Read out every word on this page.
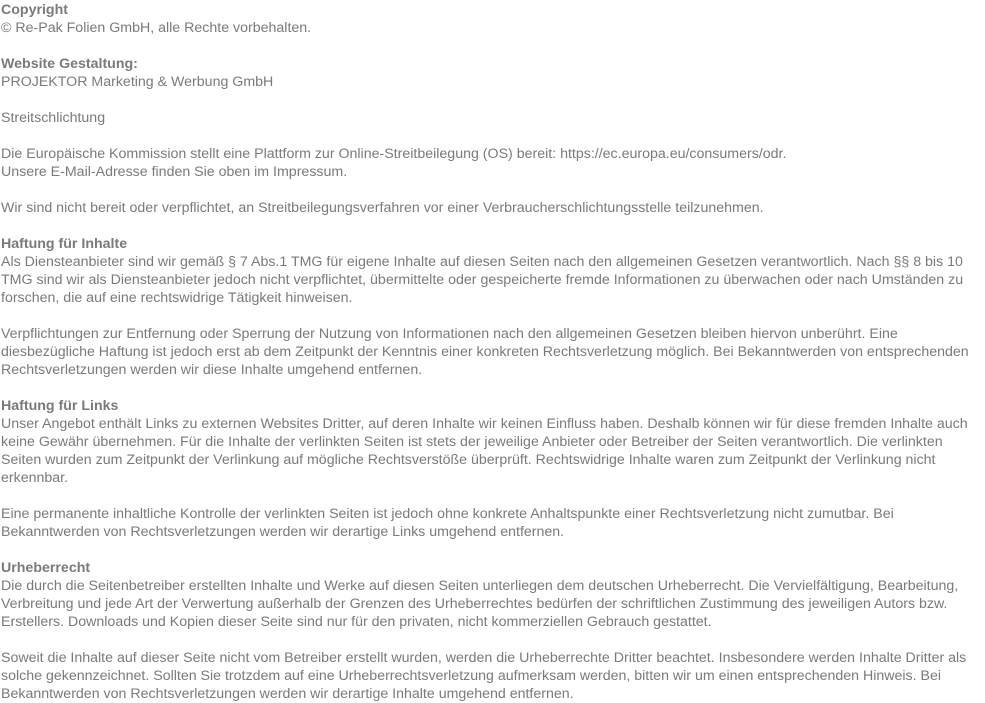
Copyright
© Re-Pak Folien GmbH, alle Rechte vorbehalten.

Website Gestaltung:
PROJEKTOR Marketing & Werbung GmbH

Streitschlichtung

Die Europäische Kommission stellt eine Plattform zur Online-Streitbeilegung (OS) bereit: https://ec.europa.eu/consumers/odr.
Unsere E-Mail-Adresse finden Sie oben im Impressum.

Wir sind nicht bereit oder verpflichtet, an Streitbeilegungsverfahren vor einer Verbraucherschlichtungsstelle teilzunehmen.

Haftung für Inhalte
Als Diensteanbieter sind wir gemäß § 7 Abs.1 TMG für eigene Inhalte auf diesen Seiten nach den allgemeinen Gesetzen verantwortlich. Nach §§ 8 bis 10 TMG sind wir als Diensteanbieter jedoch nicht verpflichtet, übermittelte oder gespeicherte fremde Informationen zu überwachen oder nach Umständen zu forschen, die auf eine rechtswidrige Tätigkeit hinweisen.

Verpflichtungen zur Entfernung oder Sperrung der Nutzung von Informationen nach den allgemeinen Gesetzen bleiben hiervon unberührt. Eine diesbezügliche Haftung ist jedoch erst ab dem Zeitpunkt der Kenntnis einer konkreten Rechtsverletzung möglich. Bei Bekanntwerden von entsprechenden Rechtsverletzungen werden wir diese Inhalte umgehend entfernen.

Haftung für Links
Unser Angebot enthält Links zu externen Websites Dritter, auf deren Inhalte wir keinen Einfluss haben. Deshalb können wir für diese fremden Inhalte auch keine Gewähr übernehmen. Für die Inhalte der verlinkten Seiten ist stets der jeweilige Anbieter oder Betreiber der Seiten verantwortlich. Die verlinkten Seiten wurden zum Zeitpunkt der Verlinkung auf mögliche Rechtsverstöße überprüft. Rechtswidrige Inhalte waren zum Zeitpunkt der Verlinkung nicht erkennbar.

Eine permanente inhaltliche Kontrolle der verlinkten Seiten ist jedoch ohne konkrete Anhaltspunkte einer Rechtsverletzung nicht zumutbar. Bei Bekanntwerden von Rechtsverletzungen werden wir derartige Links umgehend entfernen.

Urheberrecht
Die durch die Seitenbetreiber erstellten Inhalte und Werke auf diesen Seiten unterliegen dem deutschen Urheberrecht. Die Vervielfältigung, Bearbeitung, Verbreitung und jede Art der Verwertung außerhalb der Grenzen des Urheberrechtes bedürfen der schriftlichen Zustimmung des jeweiligen Autors bzw. Erstellers. Downloads und Kopien dieser Seite sind nur für den privaten, nicht kommerziellen Gebrauch gestattet.

Soweit die Inhalte auf dieser Seite nicht vom Betreiber erstellt wurden, werden die Urheberrechte Dritter beachtet. Insbesondere werden Inhalte Dritter als solche gekennzeichnet. Sollten Sie trotzdem auf eine Urheberrechtsverletzung aufmerksam werden, bitten wir um einen entsprechenden Hinweis. Bei Bekanntwerden von Rechtsverletzungen werden wir derartige Inhalte umgehend entfernen.
